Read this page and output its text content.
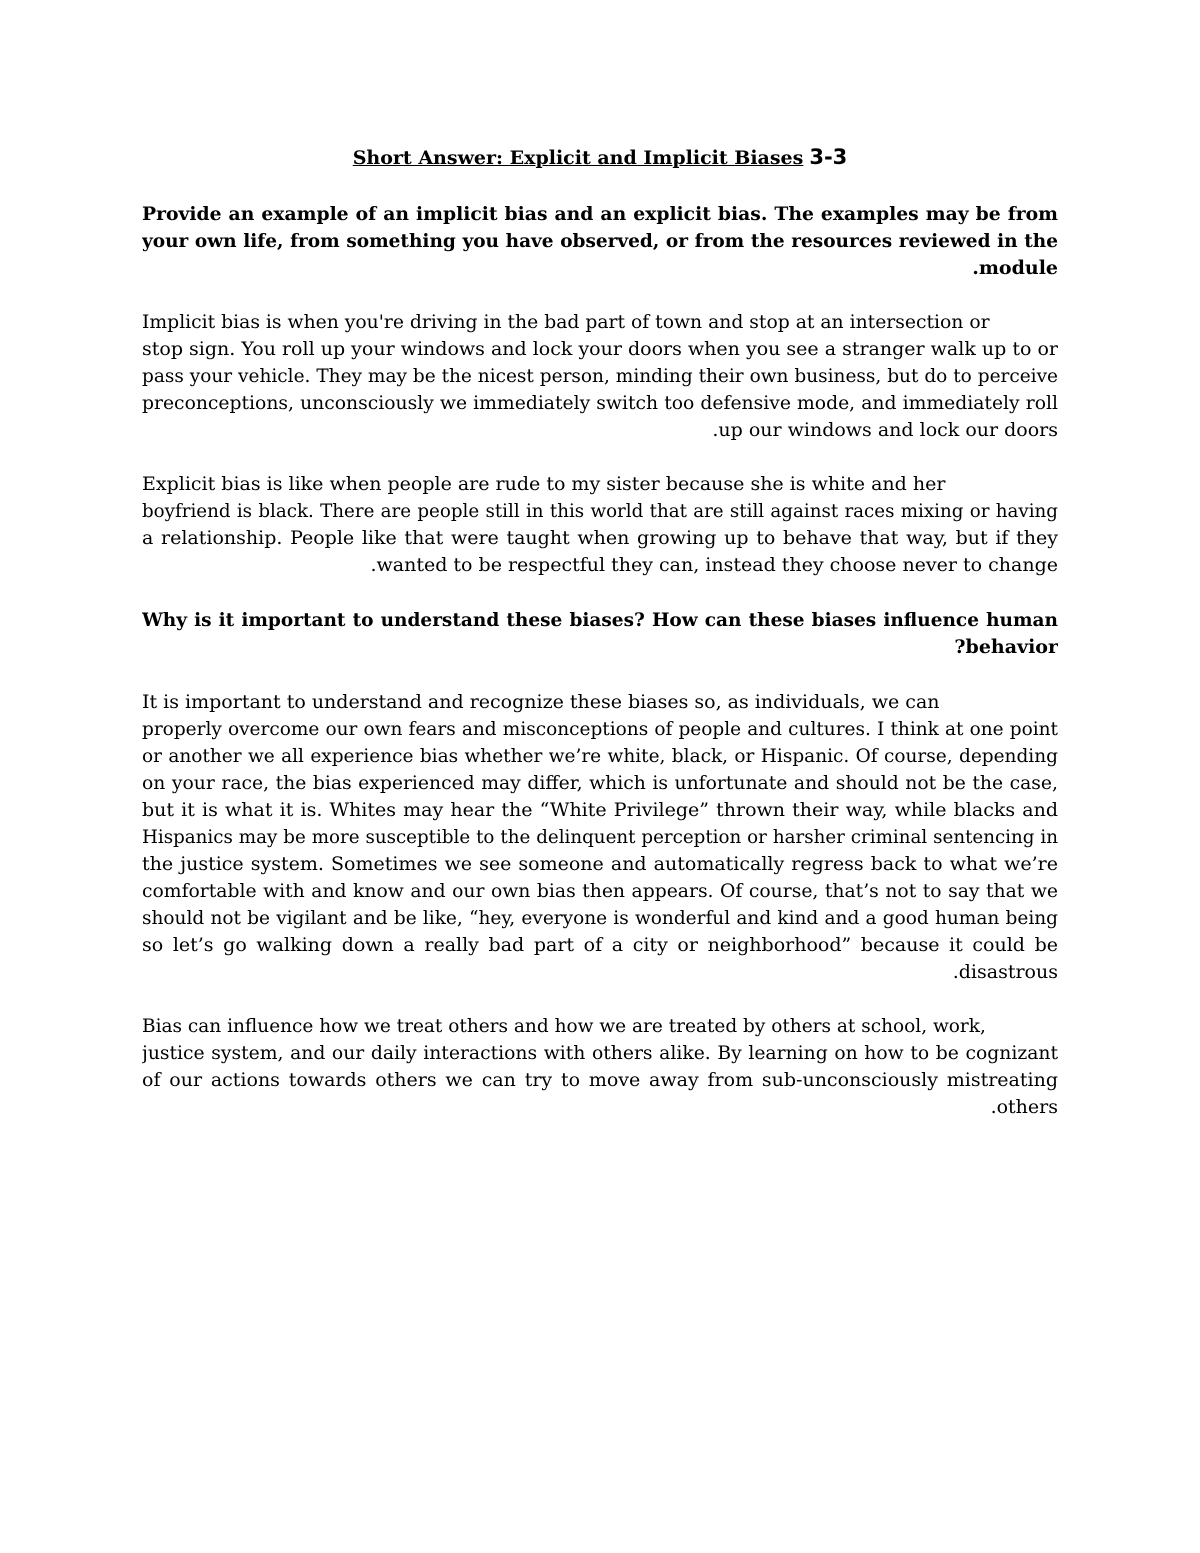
Short Answer: Explicit and Implicit Biases 3-3
Provide an example of an implicit bias and an explicit bias. The examples may be from
your own life, from something you have observed, or from the resources reviewed in the
.module
Implicit bias is when you're driving in the bad part of town and stop at an intersection or
stop sign. You roll up your windows and lock your doors when you see a stranger walk up to or
pass your vehicle. They may be the nicest person, minding their own business, but do to perceive
preconceptions, unconsciously we immediately switch too defensive mode, and immediately roll
.up our windows and lock our doors
Explicit bias is like when people are rude to my sister because she is white and her
boyfriend is black. There are people still in this world that are still against races mixing or having
a relationship. People like that were taught when growing up to behave that way, but if they
.wanted to be respectful they can, instead they choose never to change
Why is it important to understand these biases? How can these biases influence human
?behavior
It is important to understand and recognize these biases so, as individuals, we can
properly overcome our own fears and misconceptions of people and cultures. I think at one point
or another we all experience bias whether we’re white, black, or Hispanic. Of course, depending
on your race, the bias experienced may differ, which is unfortunate and should not be the case,
but it is what it is. Whites may hear the “White Privilege” thrown their way, while blacks and
Hispanics may be more susceptible to the delinquent perception or harsher criminal sentencing in
the justice system. Sometimes we see someone and automatically regress back to what we’re
comfortable with and know and our own bias then appears. Of course, that’s not to say that we
should not be vigilant and be like, “hey, everyone is wonderful and kind and a good human being
so let’s go walking down a really bad part of a city or neighborhood” because it could be
.disastrous
Bias can influence how we treat others and how we are treated by others at school, work,
justice system, and our daily interactions with others alike. By learning on how to be cognizant
of our actions towards others we can try to move away from sub-unconsciously mistreating
.others
